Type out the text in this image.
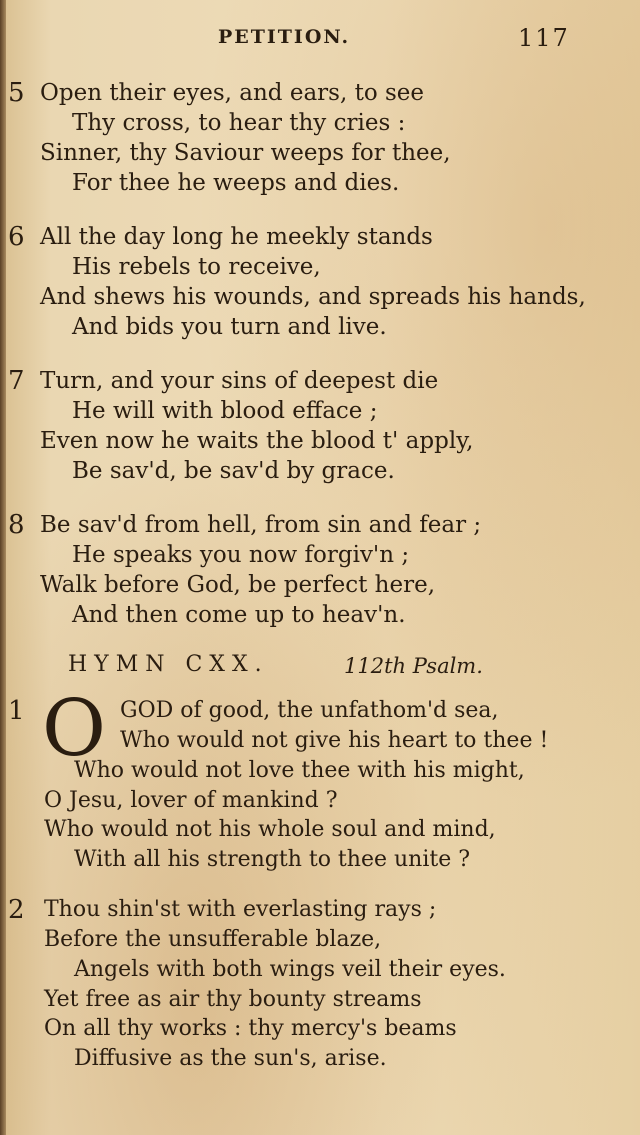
PETITION.	117
5 Open their eyes, and ears, to see
Thy cross, to hear thy cries :
Sinner, thy Saviour weeps for thee,
For thee he weeps and dies.
6 All the day long he meekly stands
His rebels to receive,
And shews his wounds, and spreads his hands,
And bids you turn and live.
7 Turn, and your sins of deepest die
He will with blood efface ;
Even now he waits the blood t' apply,
Be sav'd, be sav'd by grace.
8 Be sav'd from hell, from sin and fear ;
He speaks you now forgiv'n ;
Walk before God, be perfect here,
And then come up to heav'n.
HYMN CXX.	112th Psalm.
1	GOD of good, the unfathom'd sea,
Who would not give his heart to thee !
Who would not love thee with his might,
O Jesu, lover of mankind ?
Who would not his whole soul and mind,
With all his strength to thee unite ?
O
2 Thou shin'st with everlasting rays ;
Before the unsufferable blaze,
Angels with both wings veil their eyes.
Yet free as air thy bounty streams
On all thy works : thy mercy's beams
Diffusive as the sun's, arise.
